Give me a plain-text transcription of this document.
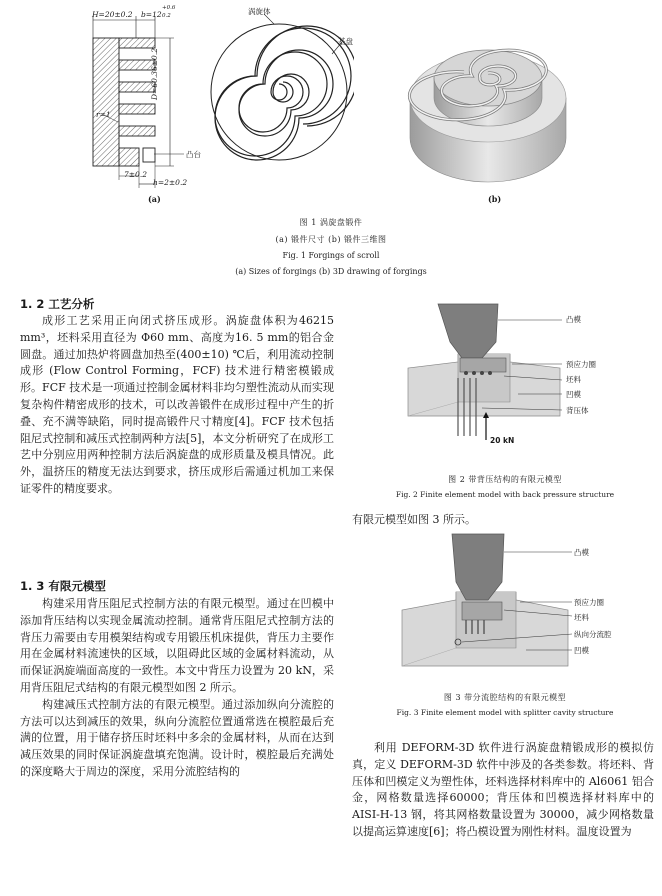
H=20±0.2 b=12
+0.6
0.2
D=60.36±0.2
r=1
凸台
7±0.2
h=2±0.2
(a)
涡旋体
基盘
(b)
图 1 涡旋盘锻件
(a) 锻件尺寸 (b) 锻件三维图
Fig. 1 Forgings of scroll
(a) Sizes of forgings (b) 3D drawing of forgings
1. 2 工艺分析

成形工艺采用正向闭式挤压成形。涡旋盘体积为46215 mm³，坯料采用直径为 Φ60 mm、高度为16. 5 mm的铝合金圆盘。通过加热炉将圆盘加热至(400±10) ℃后，利用流动控制成形 (Flow Control Forming，FCF) 技术进行精密模锻成形。FCF 技术是一项通过控制金属材料非均匀塑性流动从而实现复杂构件精密成形的技术，可以改善锻件在成形过程中产生的折叠、充不满等缺陷，同时提高锻件尺寸精度[4]。FCF 技术包括阻尼式控制和减压式控制两种方法[5]，本文分析研究了在成形工艺中分别应用两种控制方法后涡旋盘的成形质量及模具情况。此外，温挤压的精度无法达到要求，挤压成形后需通过机加工来保证零件的精度要求。

1. 3 有限元模型

构建采用背压阻尼式控制方法的有限元模型。通过在凹模中添加背压结构以实现金属流动控制。通常背压阻尼式控制方法的背压力需要由专用模架结构或专用锻压机床提供，背压力主要作用在金属材料流速快的区域，以阻碍此区域的金属材料流动，从而保证涡旋端面高度的一致性。本文中背压力设置为 20 kN，采用背压阻尼式结构的有限元模型如图 2 所示。

构建减压式控制方法的有限元模型。通过添加纵向分流腔的方法可以达到减压的效果，纵向分流腔位置通常选在模腔最后充满的位置，用于储存挤压时坯料中多余的金属材料，从而在达到减压效果的同时保证涡旋盘填充饱满。设计时，模腔最后充满处的深度略大于周边的深度，采用分流腔结构的

凸模
预应力圈
坯料
凹模
背压体
20 kN
图 2 带背压结构的有限元模型
Fig. 2 Finite element model with back pressure structure
有限元模型如图 3 所示。
凸模
预应力圈
坯料
纵向分流腔
凹模
图 3 带分流腔结构的有限元模型
Fig. 3 Finite element model with splitter cavity structure

利用 DEFORM-3D 软件进行涡旋盘精锻成形的模拟仿真，定义 DEFORM-3D 软件中涉及的各类参数。将坯料、背压体和凹模定义为塑性体，坯料选择材料库中的 Al6061 铝合金，网格数量选择60000；背压体和凹模选择材料库中的 AISI-H-13 钢，将其网格数量设置为 30000，减少网格数量以提高运算速度[6]；将凸模设置为刚性材料。温度设置为
